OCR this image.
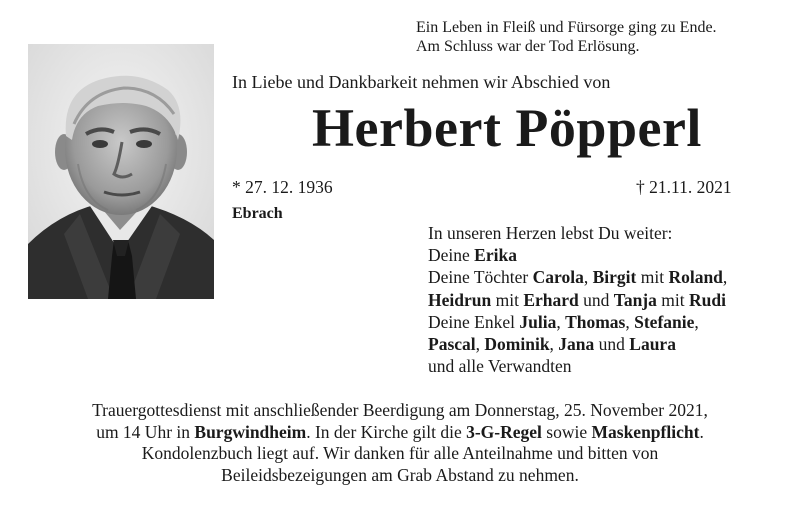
Ein Leben in Fleiß und Fürsorge ging zu Ende.
Am Schluss war der Tod Erlösung.
In Liebe und Dankbarkeit nehmen wir Abschied von
Herbert Pöpperl
* 27. 12. 1936	† 21.11. 2021
Ebrach
In unseren Herzen lebst Du weiter:
Deine Erika
Deine Töchter Carola, Birgit mit Roland,
Heidrun mit Erhard und Tanja mit Rudi
Deine Enkel Julia, Thomas, Stefanie,
Pascal, Dominik, Jana und Laura
und alle Verwandten
Trauergottesdienst mit anschließender Beerdigung am Donnerstag, 25. November 2021,
um 14 Uhr in Burgwindheim. In der Kirche gilt die 3-G-Regel sowie Maskenpflicht.
Kondolenzbuch liegt auf. Wir danken für alle Anteilnahme und bitten von
Beileidsbezeigungen am Grab Abstand zu nehmen.
